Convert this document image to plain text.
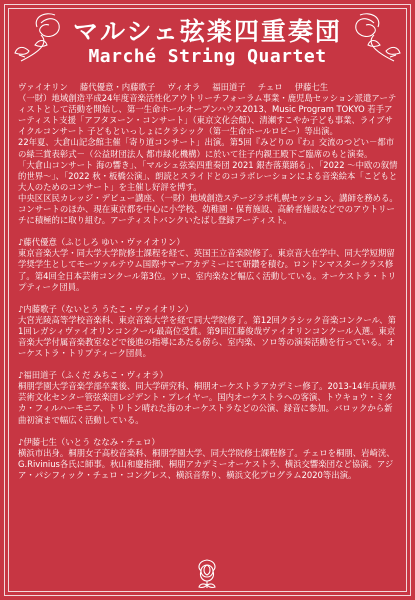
マルシェ弦楽四重奏団
Marché String Quartet
ヴァイオリン 藤代優意・内藤歌子 ヴィオラ 福田道子 チェロ 伊藤七生

（一財）地域創造平成24年度音楽活性化アウトリーチフォーラム事業・鹿児島セッション派遣アーティストとして活動を開始し、第一生命ホールオープンハウス2013、Music Program TOKYO 若手アーティスト支援「アフタヌーン・コンサート」（東京文化会館）、清瀬すこやか子ども事業、ライブサイクルコンサート 子どもといっしょにクラシック（第一生命ホールロビー）等出演。

22年夏、大倉山記念館主催「寄り道コンサート」出演。第5回『みどりの『わ』交流のつどい－都市の緑三賞表彰式－（公益財団法人 都市緑化機構）に於いて往子内親王殿下ご臨席のもと演奏。

「大倉山コンサート 海の響き」、「マルシェ弦楽四重奏団 2021 銀杏落葉踊る」、「2022 ～中欧の叙情的世界～」、「2022 秋・板橋公演」、朗読とスライドとのコラボレーションによる音楽絵本「こどもと大人のためのコンサート」を主催し好評を博す。

中央区区民カレッジ・デビュー講座、（一財）地域創造ステージラボ札幌セッション、講師を務める。

コンサートのほか、現在東京都を中心に小学校、幼稚園・保育施設、高齢者施設などでのアウトリーチに積極的に取り組む。アーティストバンクいたばし登録アーティスト。

♪藤代優意（ふじしろ ゆい・ヴァイオリン）

東京音楽大学・同大学大学院修士課程を経て、英国王立音楽院修了。東京音大在学中、同大学短期留学奨学生としてモーツァルテウム国際サマーアカデミーにて研鑽を積む。ロンドンマスタークラス修了。第4回全日本芸術コンクール第3位。ソロ、室内楽など幅広く活動している。オーケストラ・トリプティーク団員。

♪内藤歌子（ないとう うたこ・ヴァイオリン）

大宮光陵高等学校音楽科、東京音楽大学を経て同大学院修了。第12回クラシック音楽コンクール、第1回レガシィヴァイオリンコンクール最高位受賞。第9回江藤俊哉ヴァイオリンコンクール入選。東京音楽大学付属音楽教室などで後進の指導にあたる傍ら、室内楽、ソロ等の演奏活動を行っている。オーケストラ・トリプティーク団員。

♪福田道子（ふくだ みちこ・ヴィオラ）

桐朋学園大学音楽学部卒業後、同大学研究科、桐朋オーケストラアカデミー修了。2013-14年兵庫県芸術文化センター管弦楽団レジデント・プレイヤー。国内オーケストラへの客演、トウキョウ・ミタカ・フィルハーモニア、トリトン晴れた海のオーケストラなどの公演、録音に参加。バロックから新曲初演まで幅広く活動している。

♪伊藤七生（いとう ななみ・チェロ）

横浜市出身。桐朋女子高校音楽科、桐朋学園大学、同大学院修士課程修了。チェロを桐朋、岩崎洸、G.Rivinius各氏に師事。秋山和慶指揮、桐朋アカデミーオーケストラ、横浜交響楽団など協演。アジア・パシフィック・チェロ・コングレス、横浜音祭り、横浜文化プログラム2020等出演。
